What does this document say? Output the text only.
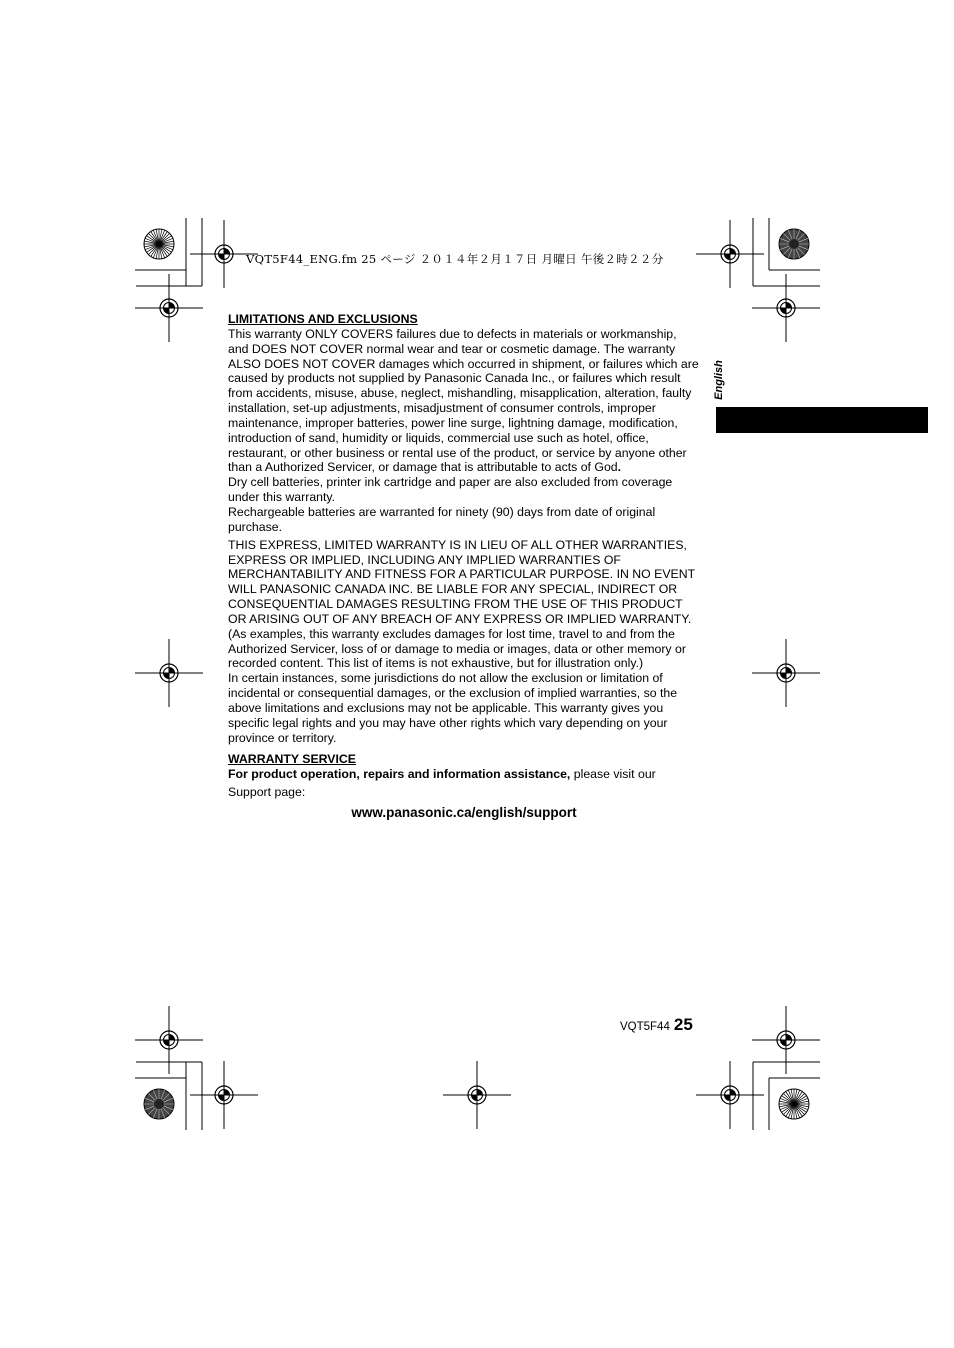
VQT5F44_ENG.fm 25 ページ ２０１４年２月１７日 月曜日 午後２時２２分
English

LIMITATIONS AND EXCLUSIONS

This warranty ONLY COVERS failures due to defects in materials or workmanship, and DOES NOT COVER normal wear and tear or cosmetic damage. The warranty ALSO DOES NOT COVER damages which occurred in shipment, or failures which are caused by products not supplied by Panasonic Canada Inc., or failures which result from accidents, misuse, abuse, neglect, mishandling, misapplication, alteration, faulty installation, set-up adjustments, misadjustment of consumer controls, improper maintenance, improper batteries, power line surge, lightning damage, modification, introduction of sand, humidity or liquids, commercial use such as hotel, office, restaurant, or other business or rental use of the product, or service by anyone other than a Authorized Servicer, or damage that is attributable to acts of God.

Dry cell batteries, printer ink cartridge and paper are also excluded from coverage under this warranty.

Rechargeable batteries are warranted for ninety (90) days from date of original purchase.

THIS EXPRESS, LIMITED WARRANTY IS IN LIEU OF ALL OTHER WARRANTIES, EXPRESS OR IMPLIED, INCLUDING ANY IMPLIED WARRANTIES OF MERCHANTABILITY AND FITNESS FOR A PARTICULAR PURPOSE. IN NO EVENT WILL PANASONIC CANADA INC. BE LIABLE FOR ANY SPECIAL, INDIRECT OR CONSEQUENTIAL DAMAGES RESULTING FROM THE USE OF THIS PRODUCT OR ARISING OUT OF ANY BREACH OF ANY EXPRESS OR IMPLIED WARRANTY.

(As examples, this warranty excludes damages for lost time, travel to and from the Authorized Servicer, loss of or damage to media or images, data or other memory or recorded content. This list of items is not exhaustive, but for illustration only.)

In certain instances, some jurisdictions do not allow the exclusion or limitation of incidental or consequential damages, or the exclusion of implied warranties, so the above limitations and exclusions may not be applicable. This warranty gives you specific legal rights and you may have other rights which vary depending on your province or territory.

WARRANTY SERVICE

For product operation, repairs and information assistance, please visit our

Support page:

www.panasonic.ca/english/support

VQT5F44 25
